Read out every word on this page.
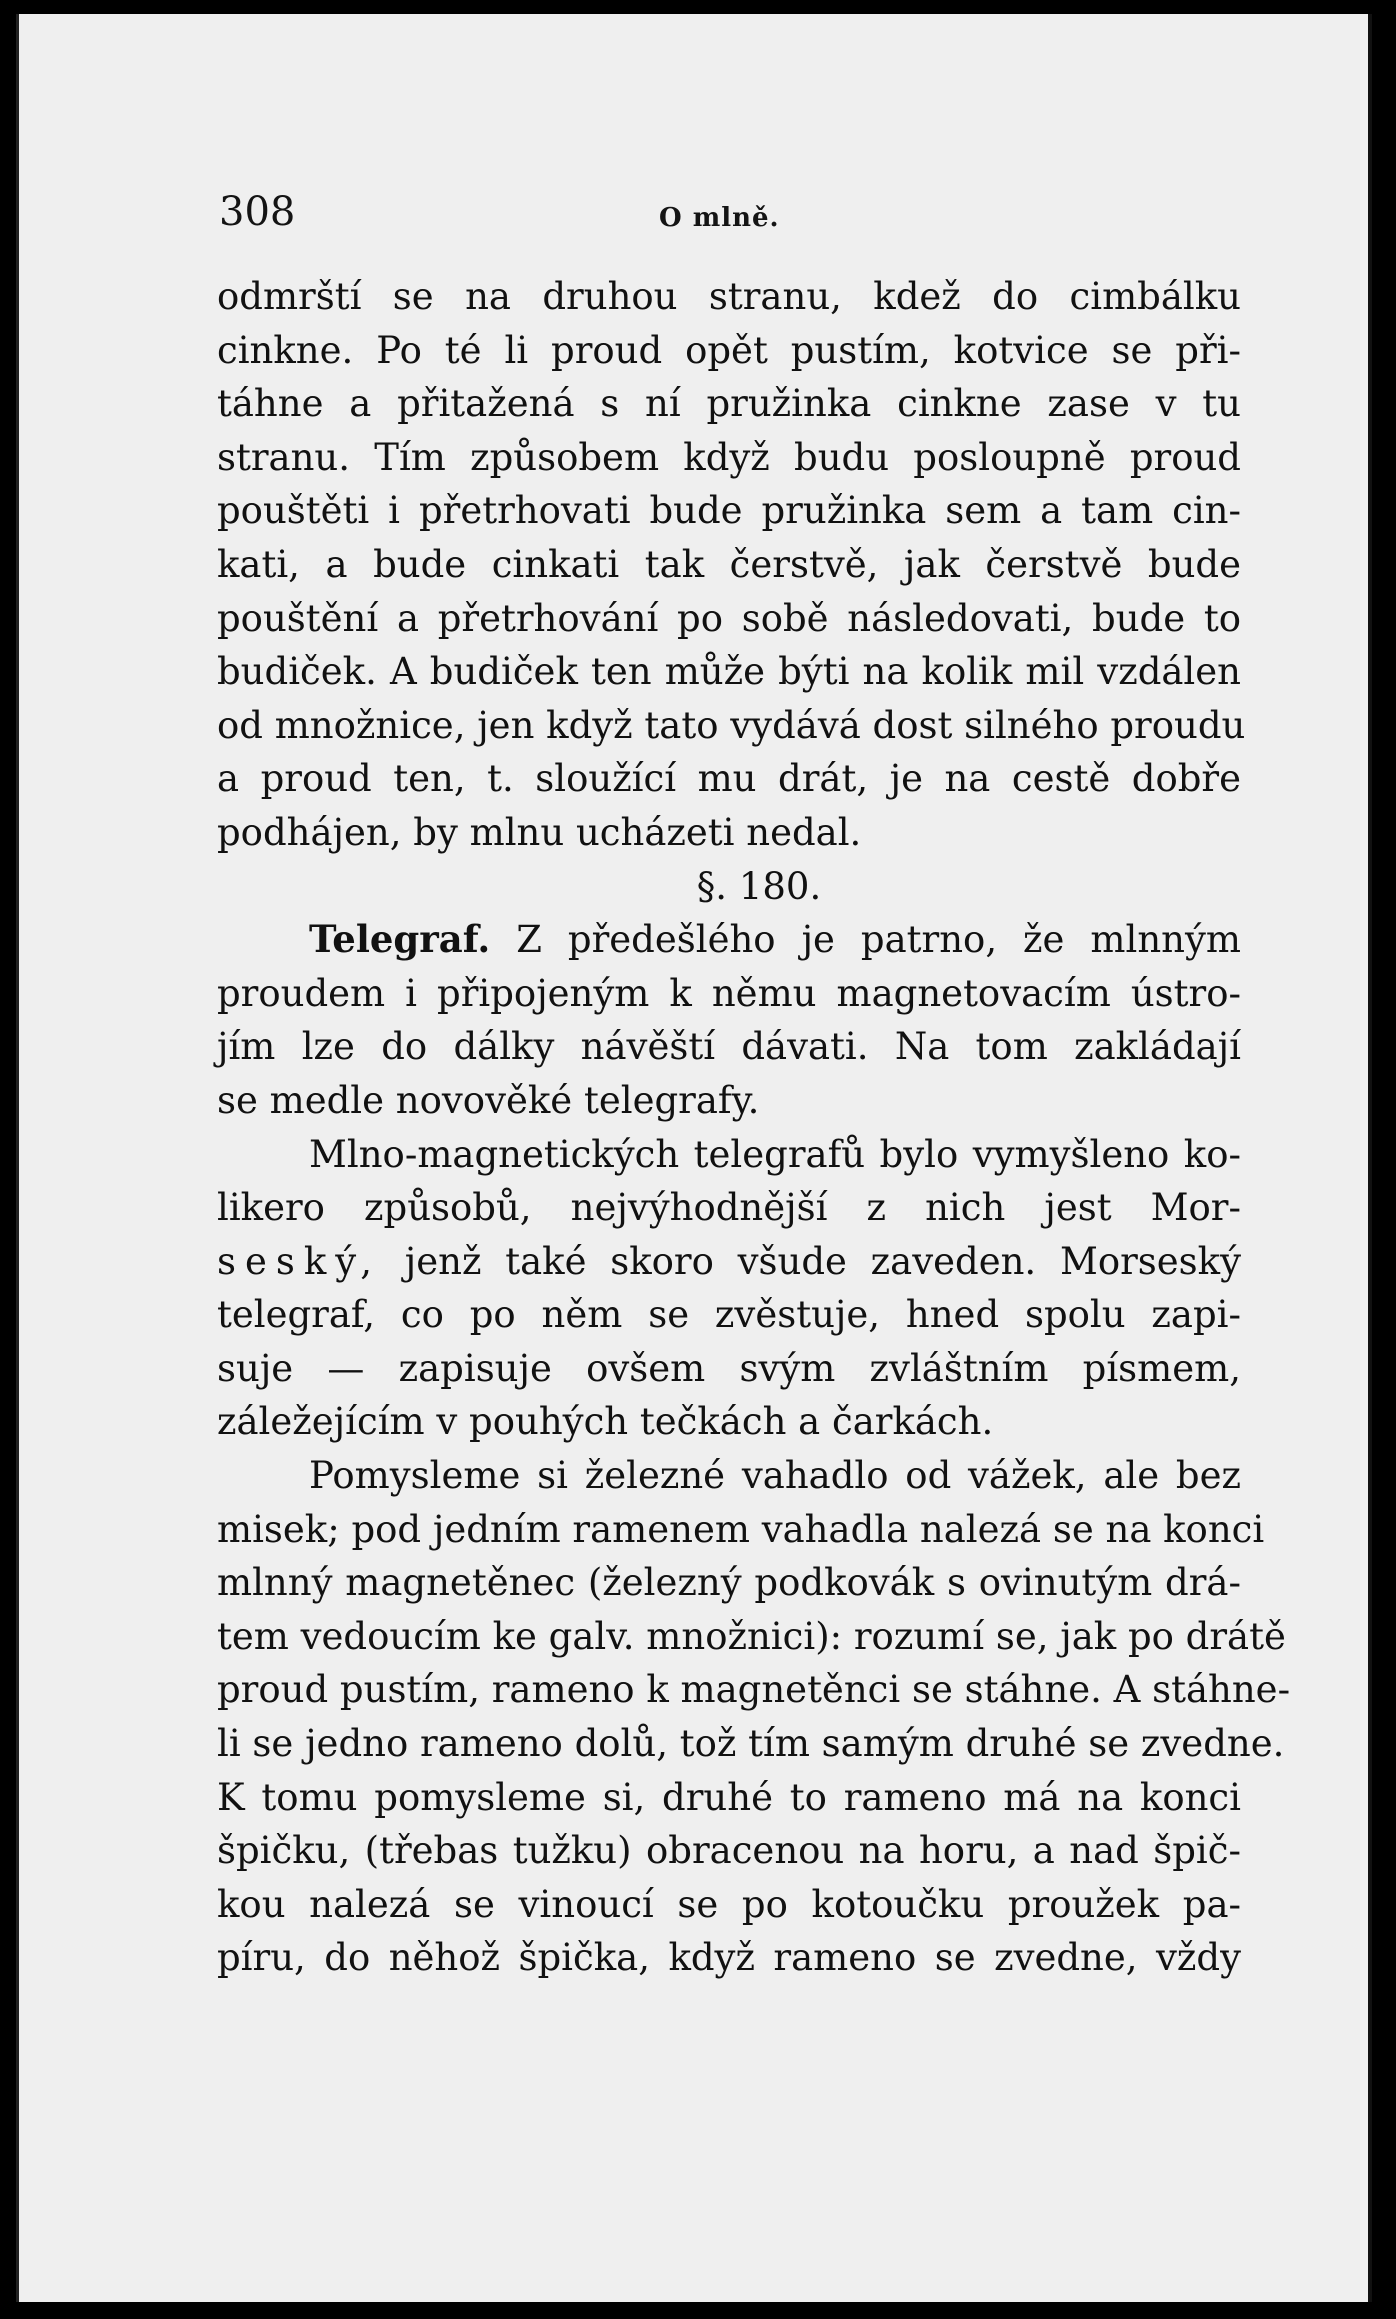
308	O mlně.
odmrští se na druhou stranu, kdež do cimbálku
cinkne. Po té li proud opět pustím, kotvice se při-
táhne a přitažená s ní pružinka cinkne zase v tu
stranu. Tím způsobem když budu posloupně proud
pouštěti i přetrhovati bude pružinka sem a tam cin-
kati, a bude cinkati tak čerstvě, jak čerstvě bude
pouštění a přetrhování po sobě následovati, bude to
budiček. A budiček ten může býti na kolik mil vzdálen
od množnice, jen když tato vydává dost silného proudu
a proud ten, t. sloužící mu drát, je na cestě dobře
podhájen, by mlnu ucházeti nedal.
§. 180.
Telegraf. Z předešlého je patrno, že mlnným
proudem i připojeným k němu magnetovacím ústro-
jím lze do dálky návěští dávati. Na tom zakládají
se medle novověké telegrafy.
Mlno-magnetických telegrafů bylo vymyšleno ko-
likero způsobů, nejvýhodnější z nich jest Mor-
seský, jenž také skoro všude zaveden. Morseský
telegraf, co po něm se zvěstuje, hned spolu zapi-
suje — zapisuje ovšem svým zvláštním písmem,
záležejícím v pouhých tečkách a čarkách.
Pomysleme si železné vahadlo od vážek, ale bez
misek; pod jedním ramenem vahadla nalezá se na konci
mlnný magnetěnec (železný podkovák s ovinutým drá-
tem vedoucím ke galv. množnici): rozumí se, jak po drátě
proud pustím, rameno k magnetěnci se stáhne. A stáhne-
li se jedno rameno dolů, tož tím samým druhé se zvedne.
K tomu pomysleme si, druhé to rameno má na konci
špičku, (třebas tužku) obracenou na horu, a nad špič-
kou nalezá se vinoucí se po kotoučku proužek pa-
píru, do něhož špička, když rameno se zvedne, vždy
